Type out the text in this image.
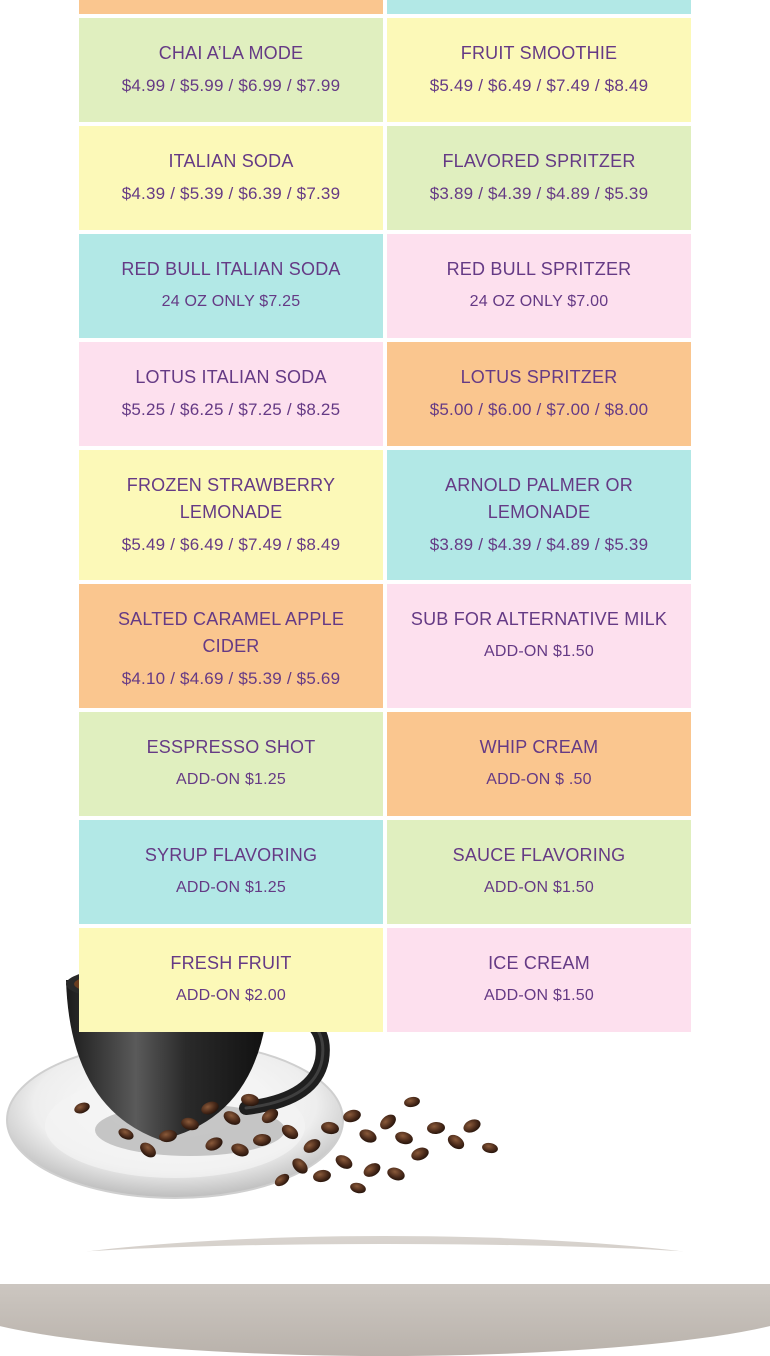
CHAI A’LA MODE
$4.99 / $5.99 / $6.99 / $7.99
FRUIT SMOOTHIE
$5.49 / $6.49 / $7.49 / $8.49
ITALIAN SODA
$4.39 / $5.39 / $6.39 / $7.39
FLAVORED SPRITZER
$3.89 / $4.39 / $4.89 / $5.39
RED BULL ITALIAN SODA
24 OZ ONLY $7.25
RED BULL SPRITZER
24 OZ ONLY $7.00
LOTUS ITALIAN SODA
$5.25 / $6.25 / $7.25 / $8.25
LOTUS SPRITZER
$5.00 / $6.00 / $7.00 / $8.00
FROZEN STRAWBERRY LEMONADE
$5.49 / $6.49 / $7.49 / $8.49
ARNOLD PALMER OR LEMONADE
$3.89 / $4.39 / $4.89 / $5.39
SALTED CARAMEL APPLE CIDER
$4.10 / $4.69 / $5.39 / $5.69
SUB FOR ALTERNATIVE MILK
ADD-ON $1.50
ESSPRESSO SHOT
ADD-ON $1.25
WHIP CREAM
ADD-ON $ .50
SYRUP FLAVORING
ADD-ON $1.25
SAUCE FLAVORING
ADD-ON $1.50
FRESH FRUIT
ADD-ON $2.00
ICE CREAM
ADD-ON $1.50
